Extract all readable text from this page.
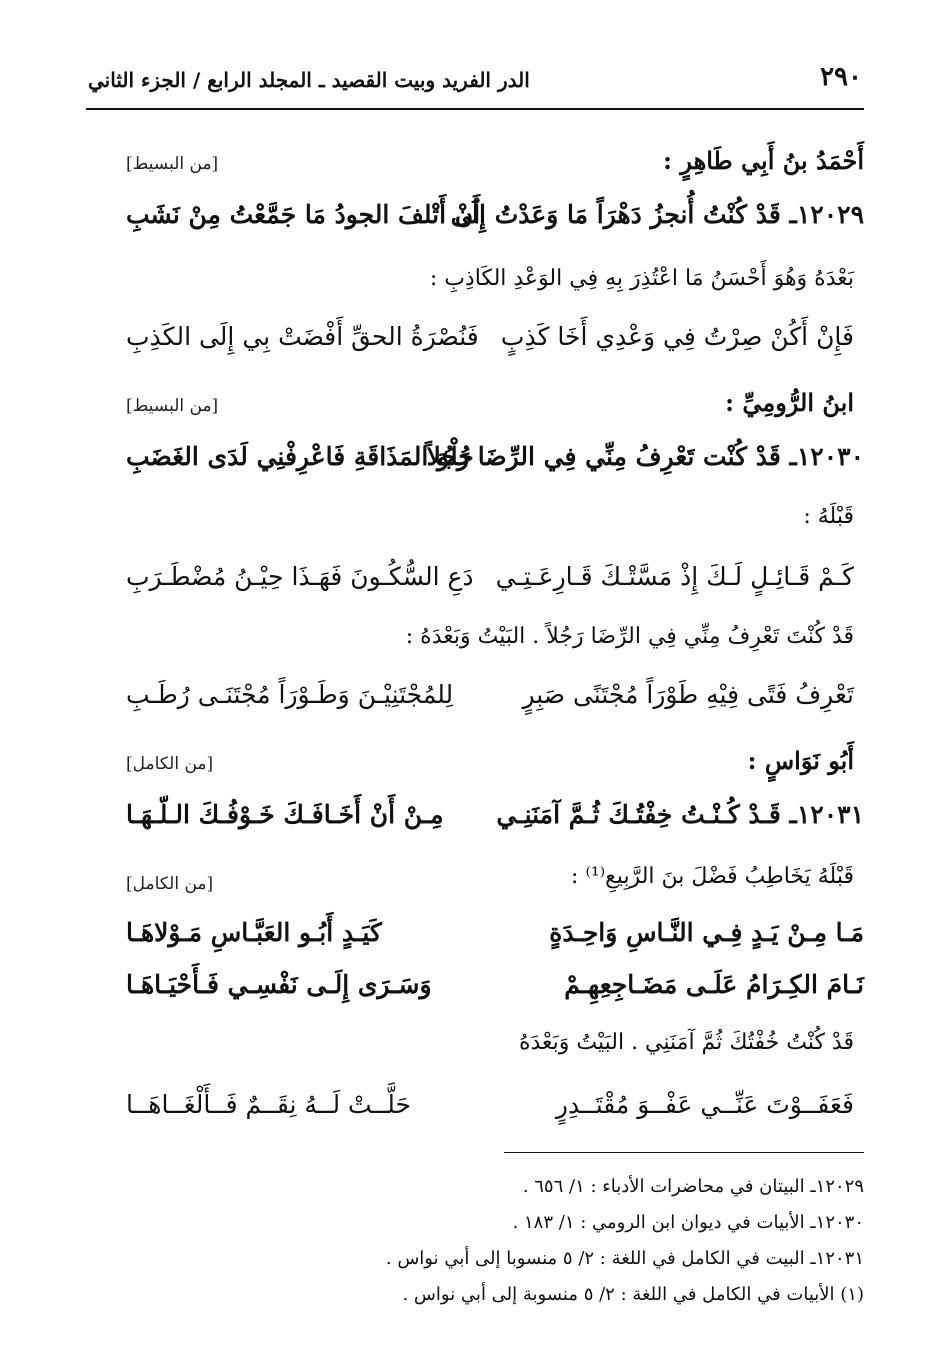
٢٩٠
الدر الفريد وبيت القصيد ـ المجلد الرابع / الجزء الثاني
أَحْمَدُ بنُ أَبِي طَاهِرٍ :
[من البسيط]
١٢٠٢٩ـ قَدْ كُنْتُ أُنجزُ دَهْرَاً مَا وَعَدْتُ إِلَى
أَنْ أَتْلفَ الجودُ مَا جَمَّعْتُ مِنْ نَشَبِ
بَعْدَهُ وَهُوَ أَحْسَنُ مَا اعْتُذِرَ بِهِ فِي الوَعْدِ الكَاذِبِ :
فَإِنْ أَكُنْ صِرْتُ فِي وَعْدِي أَخَا كَذِبٍ
فَنُصْرَةُ الحقِّ أَفْضَتْ بِي إِلَى الكَذِبِ
ابنُ الرُّومِيِّ :
[من البسيط]
١٢٠٣٠ـ قَدْ كُنْت تَعْرِفُ مِنِّي فِي الرِّضَا رَجُلاً
حُلْوَ المَذَاقَةِ فَاعْرِفْنِي لَدَى الغَضَبِ
قَبْلَهُ :
كَـمْ قَـائِـلٍ لَـكَ إِذْ مَسَّتْـكَ قَـارِعَـتِـي
دَعِ السُّكُـونَ فَهَـذَا حِيْـنُ مُضْطَـرَبِ
قَدْ كُنْتَ تَعْرِفُ مِنِّي فِي الرِّضَا رَجُلاً . البَيْتُ وَبَعْدَهُ :
تَعْرِفُ فَتًى فِيْهِ طَوْرَاً مُجْتَنًى صَبِرٍ
لِلمُجْتَنِيْـنَ وَطَـوْرَاً مُجْتَنَـى رُطَـبِ
أَبُو نَوَاسٍ :
[من الكامل]
١٢٠٣١ـ قَـدْ كُـنْـتُ خِفْتُـكَ ثُـمَّ آمَنَنِـي
مِـنْ أَنْ أَخَـافَـكَ خَـوْفُـكَ الـلّـهَـا
قَبْلَهُ يَخَاطِبُ فَضْلَ بنَ الرَّبِيعِ⁽¹⁾ :
[من الكامل]
مَـا مِـنْ يَـدٍ فِـي النَّـاسِ وَاحِـدَةٍ
كَيَـدٍ أَبُـو العَبَّـاسِ مَـوْلاهَـا
نَـامَ الكِـرَامُ عَلَـى مَضَـاجِعِهِـمْ
وَسَـرَى إِلَـى نَفْسِـي فَـأَحْيَـاهَـا
قَدْ كُنْتُ خُفْتُكَ ثُمَّ آمَنَنِي . البَيْتُ وَبَعْدَهُ
فَعَفَــوْتَ عَنِّــي عَفْــوَ مُقْتَــدِرٍ
حَلَّــتْ لَــهُ نِقَــمٌ فَــأَلْغَــاهَــا
١٢٠٢٩ـ البيتان في محاضرات الأدباء : ١/ ٦٥٦ .
١٢٠٣٠ـ الأبيات في ديوان ابن الرومي : ١/ ١٨٣ .
١٢٠٣١ـ البيت في الكامل في اللغة : ٢/ ٥ منسوبا إلى أبي نواس .
(١) الأبيات في الكامل في اللغة : ٢/ ٥ منسوبة إلى أبي نواس .
